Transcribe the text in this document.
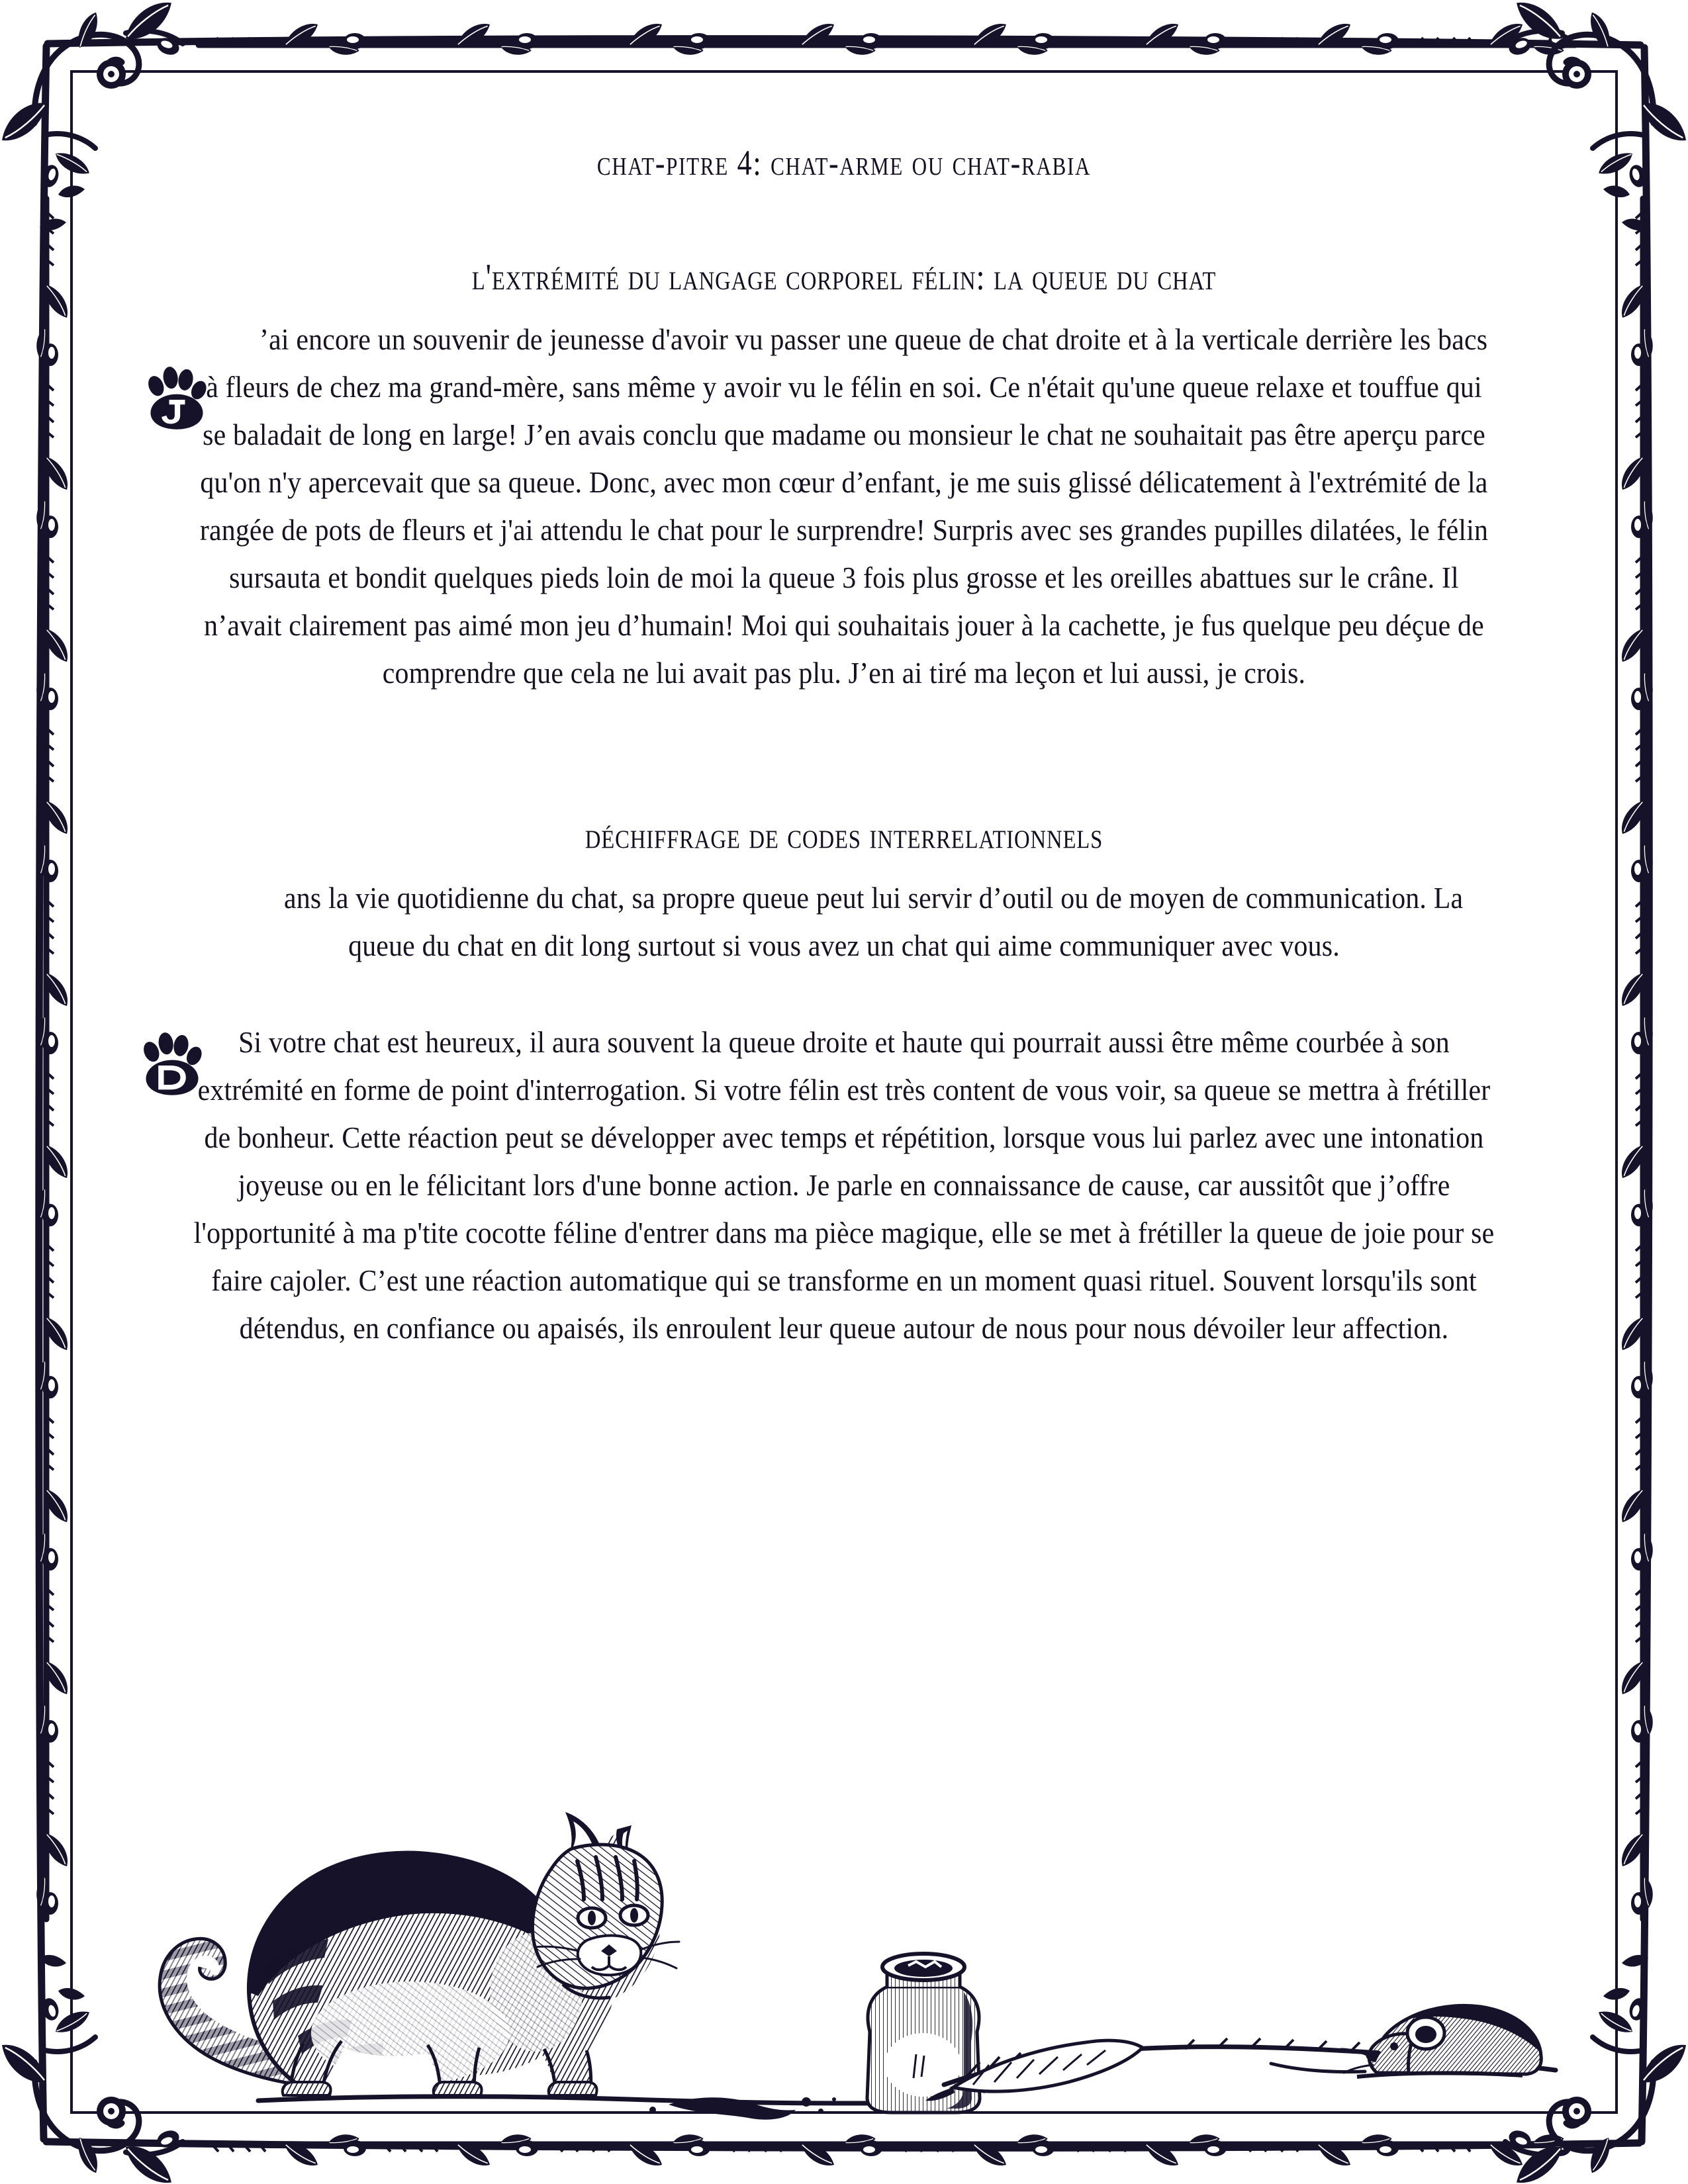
chat-pitre 4: chat-arme ou chat-rabia
l'extrémité du langage corporel félin: la queue du chat

’ai encore un souvenir de jeunesse d'avoir vu passer une queue de chat droite et à la verticale derrière les bacs à fleurs de chez ma grand-mère, sans même y avoir vu le félin en soi. Ce n'était qu'une queue relaxe et touffue qui se baladait de long en large! J’en avais conclu que madame ou monsieur le chat ne souhaitait pas être aperçu parce qu'on n'y apercevait que sa queue. Donc, avec mon cœur d’enfant, je me suis glissé délicatement à l'extrémité de la rangée de pots de fleurs et j'ai attendu le chat pour le surprendre! Surpris avec ses grandes pupilles dilatées, le félin sursauta et bondit quelques pieds loin de moi la queue 3 fois plus grosse et les oreilles abattues sur le crâne. Il n’avait clairement pas aimé mon jeu d’humain! Moi qui souhaitais jouer à la cachette, je fus quelque peu déçue de comprendre que cela ne lui avait pas plu. J’en ai tiré ma leçon et lui aussi, je crois.

déchiffrage de codes interrelationnels

ans la vie quotidienne du chat, sa propre queue peut lui servir d’outil ou de moyen de communication. La queue du chat en dit long surtout si vous avez un chat qui aime communiquer avec vous.

Si votre chat est heureux, il aura souvent la queue droite et haute qui pourrait aussi être même courbée à son extrémité en forme de point d'interrogation. Si votre félin est très content de vous voir, sa queue se mettra à frétiller de bonheur. Cette réaction peut se développer avec temps et répétition, lorsque vous lui parlez avec une intonation joyeuse ou en le félicitant lors d'une bonne action. Je parle en connaissance de cause, car aussitôt que j’offre l'opportunité à ma p'tite cocotte féline d'entrer dans ma pièce magique, elle se met à frétiller la queue de joie pour se faire cajoler. C’est une réaction automatique qui se transforme en un moment quasi rituel. Souvent lorsqu'ils sont détendus, en confiance ou apaisés, ils enroulent leur queue autour de nous pour nous dévoiler leur affection.
